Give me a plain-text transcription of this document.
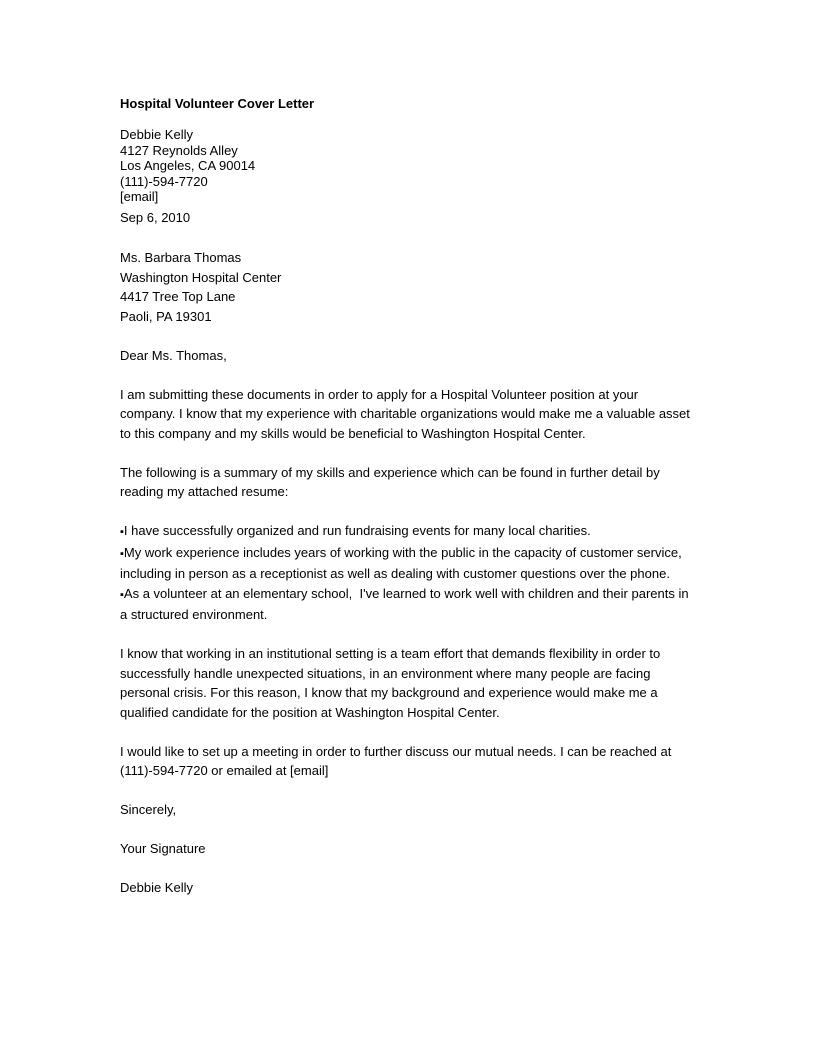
Hospital Volunteer Cover Letter

Debbie Kelly

4127 Reynolds Alley

Los Angeles, CA 90014

(111)-594-7720

[email]

Sep 6, 2010

Ms. Barbara Thomas

Washington Hospital Center

4417 Tree Top Lane

Paoli, PA 19301

Dear Ms. Thomas,

I am submitting these documents in order to apply for a Hospital Volunteer position at your company. I know that my experience with charitable organizations would make me a valuable asset to this company and my skills would be beneficial to Washington Hospital Center.

The following is a summary of my skills and experience which can be found in further detail by reading my attached resume:

▪I have successfully organized and run fundraising events for many local charities.
▪My work experience includes years of working with the public in the capacity of customer service, including in person as a receptionist as well as dealing with customer questions over the phone.
▪As a volunteer at an elementary school,  I've learned to work well with children and their parents in a structured environment.

I know that working in an institutional setting is a team effort that demands flexibility in order to successfully handle unexpected situations, in an environment where many people are facing personal crisis. For this reason, I know that my background and experience would make me a qualified candidate for the position at Washington Hospital Center.

I would like to set up a meeting in order to further discuss our mutual needs. I can be reached at (111)-594-7720 or emailed at [email]

Sincerely,

Your Signature

Debbie Kelly
